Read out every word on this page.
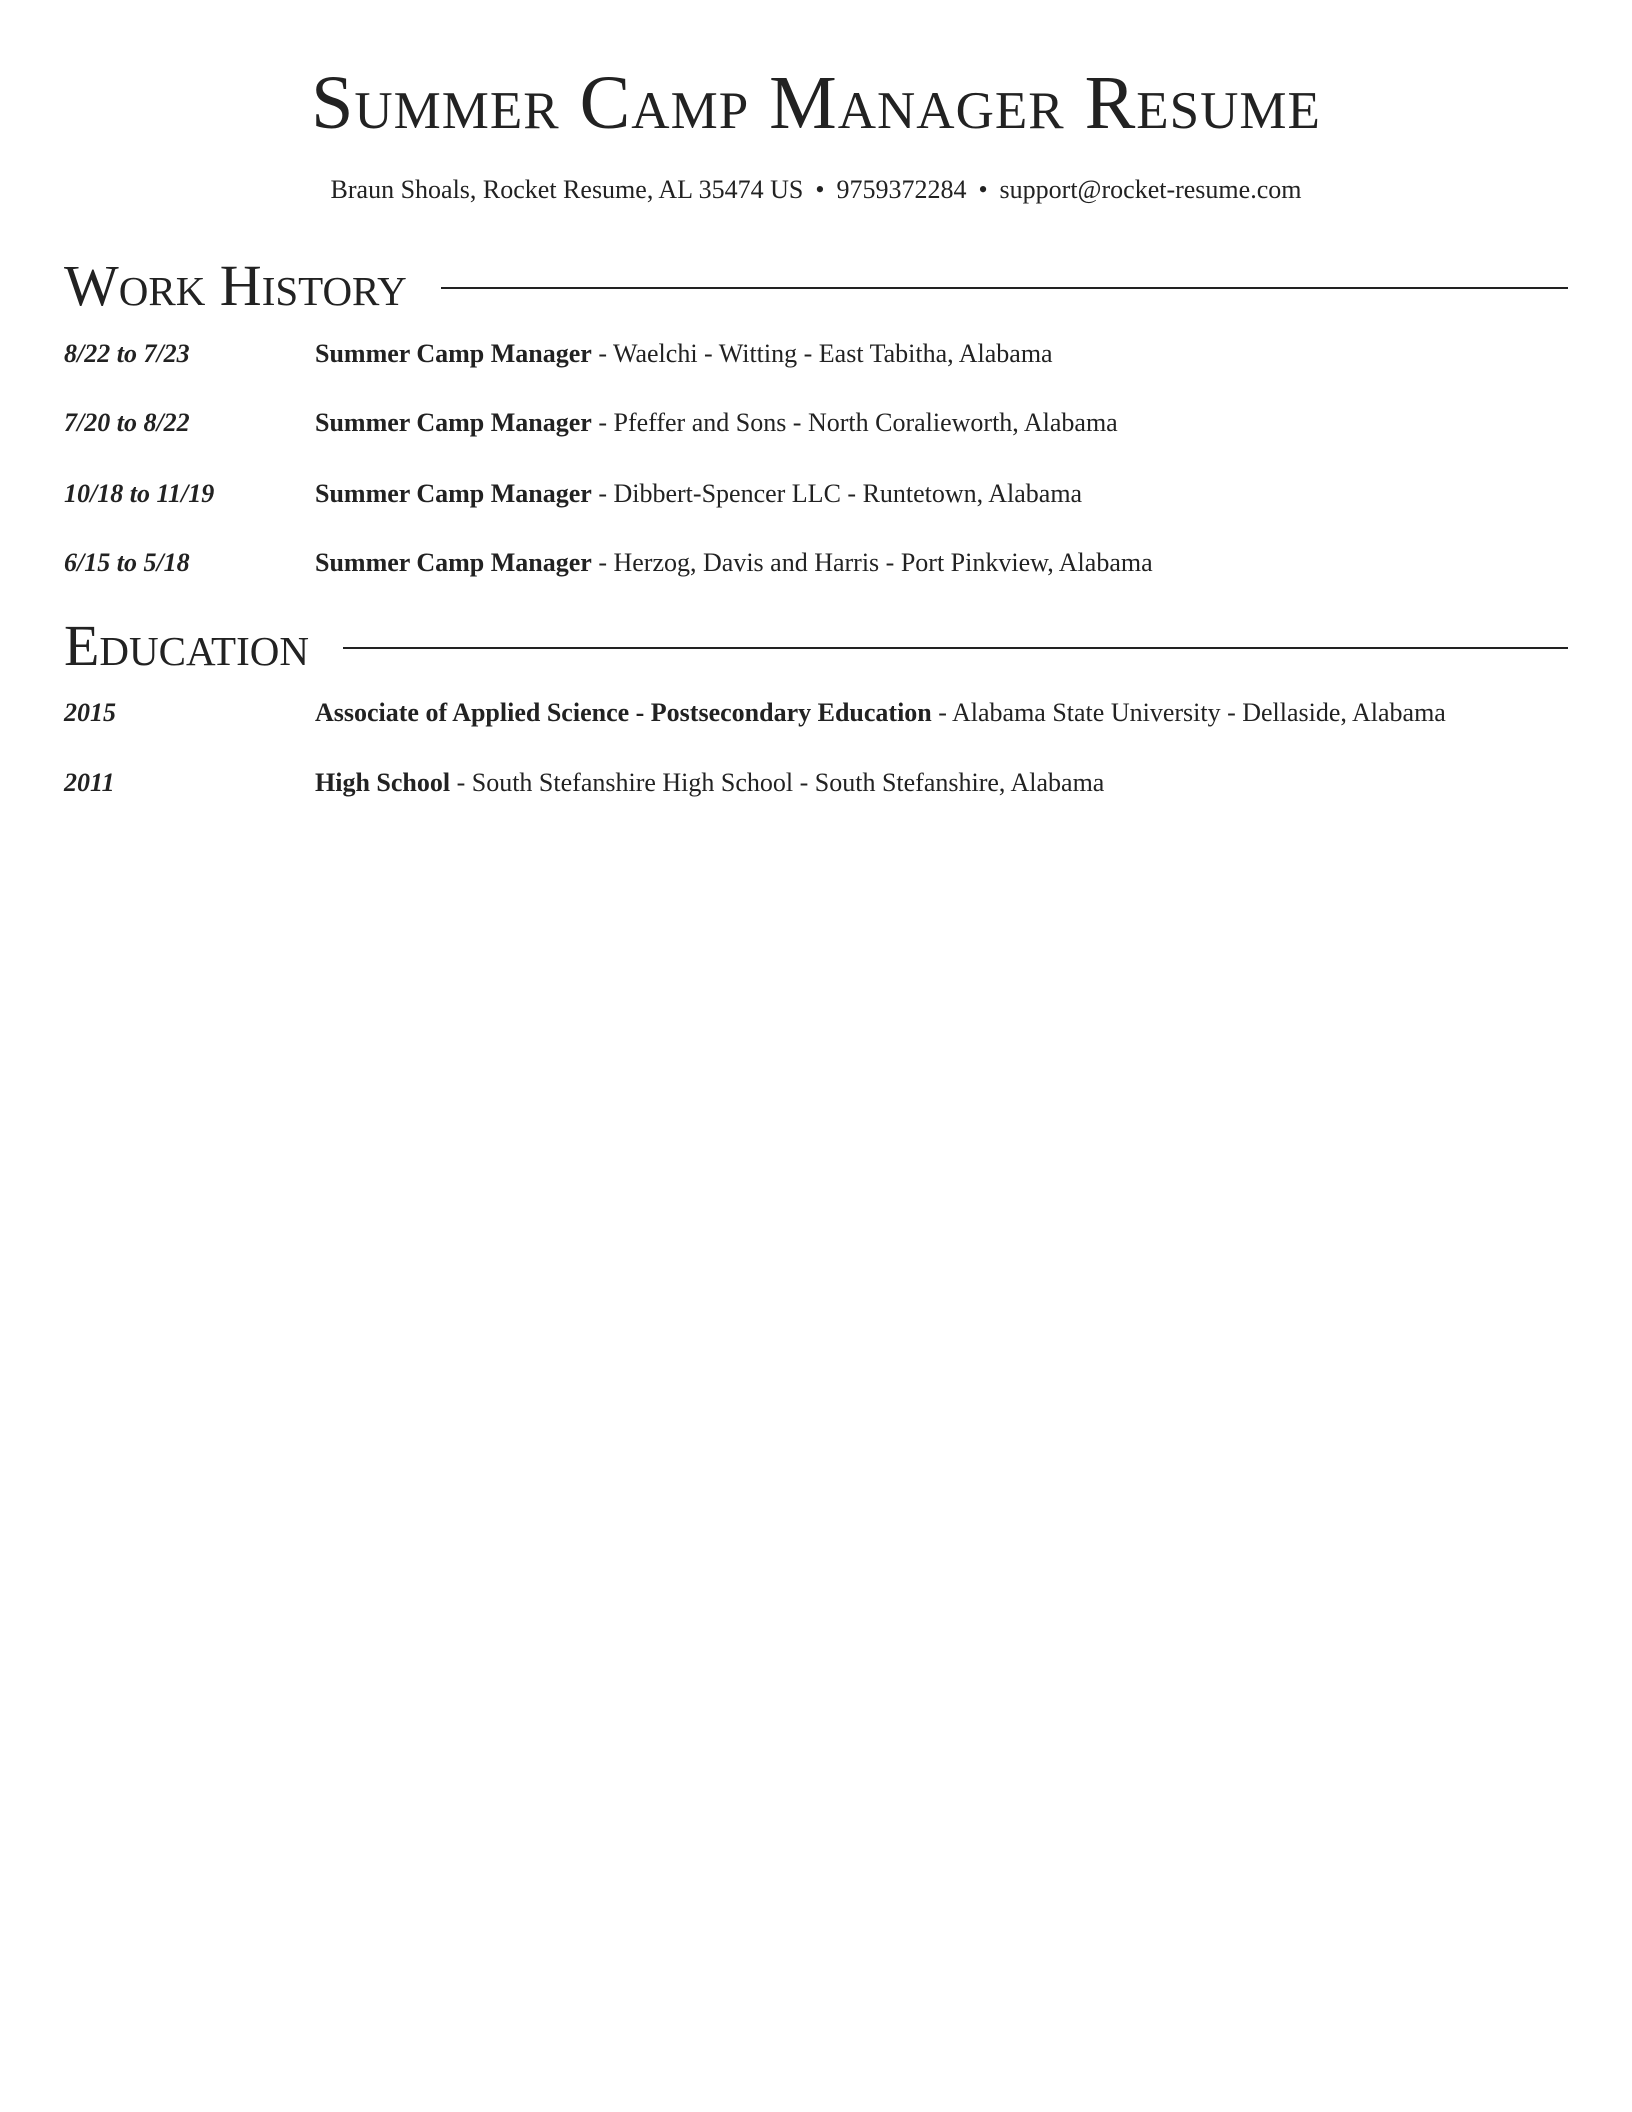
Summer Camp Manager Resume
Braun Shoals, Rocket Resume, AL 35474 US • 9759372284 • support@rocket-resume.com
Work History
8/22 to 7/23	Summer Camp Manager - Waelchi - Witting - East Tabitha, Alabama
7/20 to 8/22	Summer Camp Manager - Pfeffer and Sons - North Coralieworth, Alabama
10/18 to 11/19	Summer Camp Manager - Dibbert-Spencer LLC - Runtetown, Alabama
6/15 to 5/18	Summer Camp Manager - Herzog, Davis and Harris - Port Pinkview, Alabama
Education
2015	Associate of Applied Science - Postsecondary Education - Alabama State University - Dellaside, Alabama
2011	High School - South Stefanshire High School - South Stefanshire, Alabama
